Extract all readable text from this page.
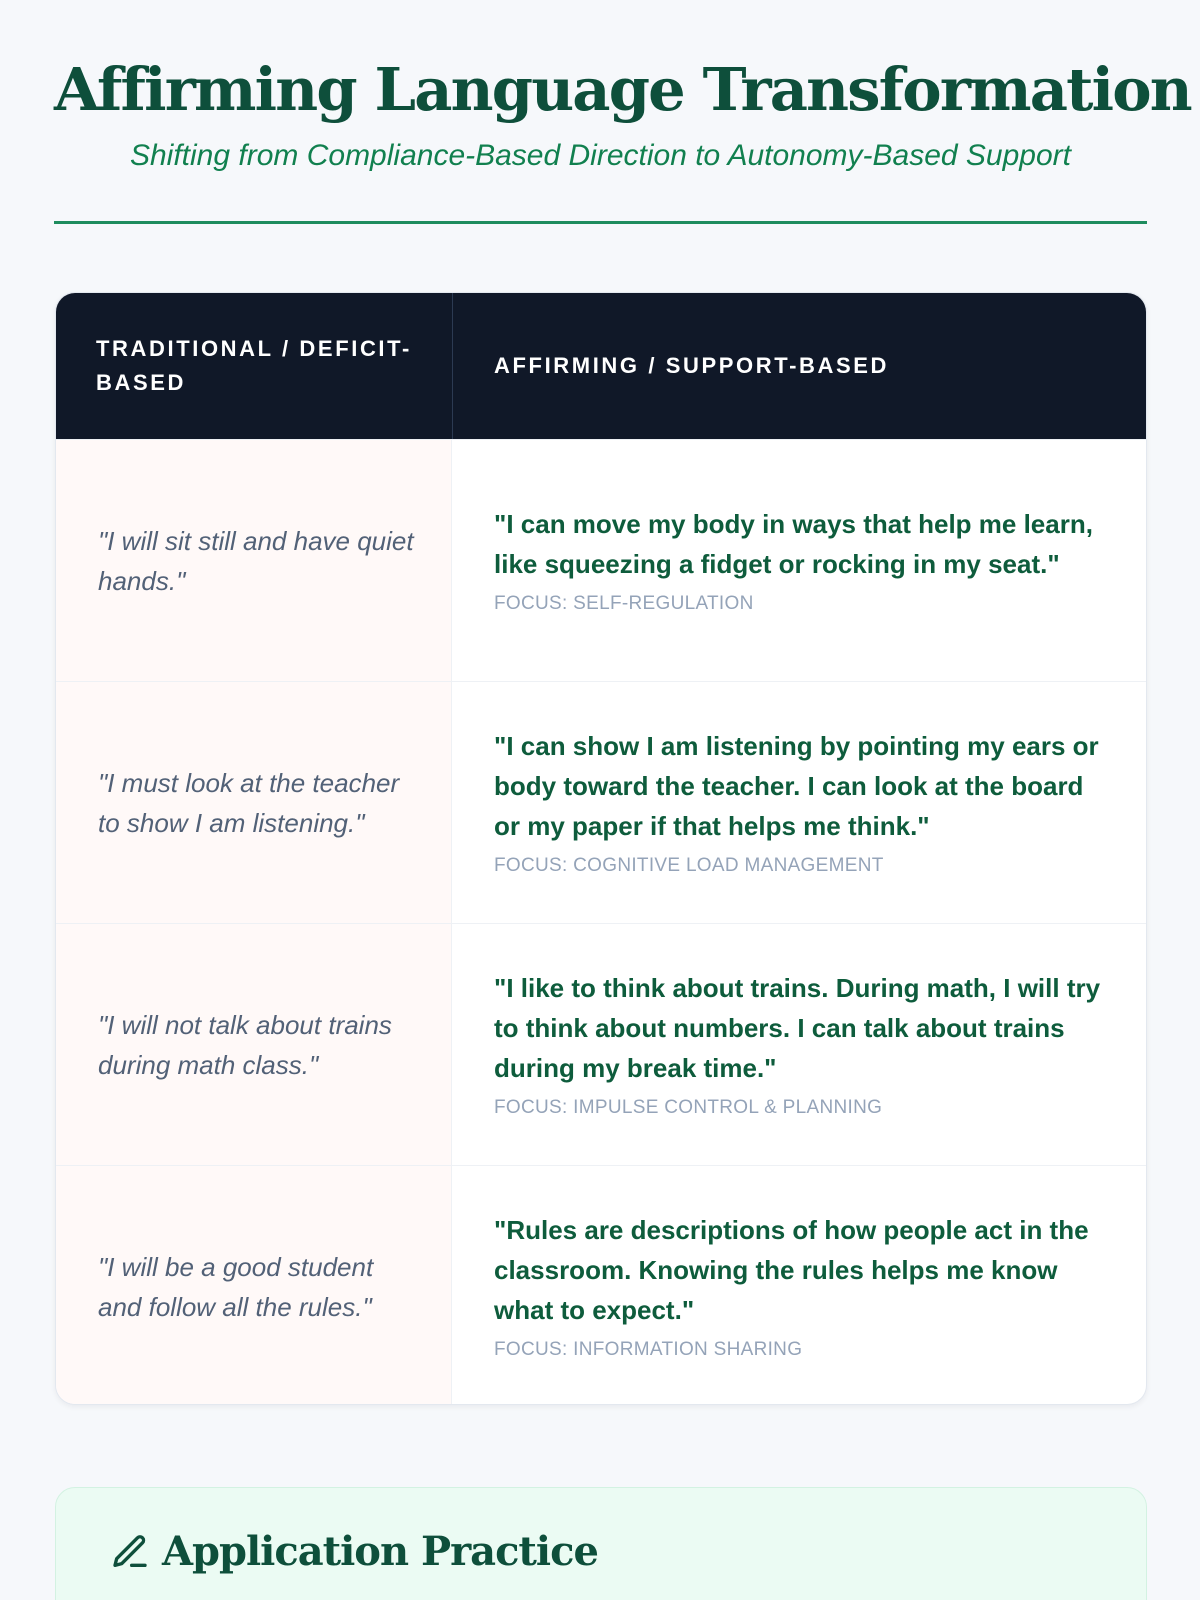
Affirming Language Transformation
Shifting from Compliance-Based Direction to Autonomy-Based Support
TRADITIONAL / DEFICIT-BASED
AFFIRMING / SUPPORT-BASED
"I will sit still and have quiet hands."
"I can move my body in ways that help me learn, like squeezing a fidget or rocking in my seat."
FOCUS: SELF-REGULATION
"I must look at the teacher to show I am listening."
"I can show I am listening by pointing my ears or body toward the teacher. I can look at the board or my paper if that helps me think."
FOCUS: COGNITIVE LOAD MANAGEMENT
"I will not talk about trains during math class."
"I like to think about trains. During math, I will try to think about numbers. I can talk about trains during my break time."
FOCUS: IMPULSE CONTROL & PLANNING
"I will be a good student and follow all the rules."
"Rules are descriptions of how people act in the classroom. Knowing the rules helps me know what to expect."
FOCUS: INFORMATION SHARING
Application Practice
